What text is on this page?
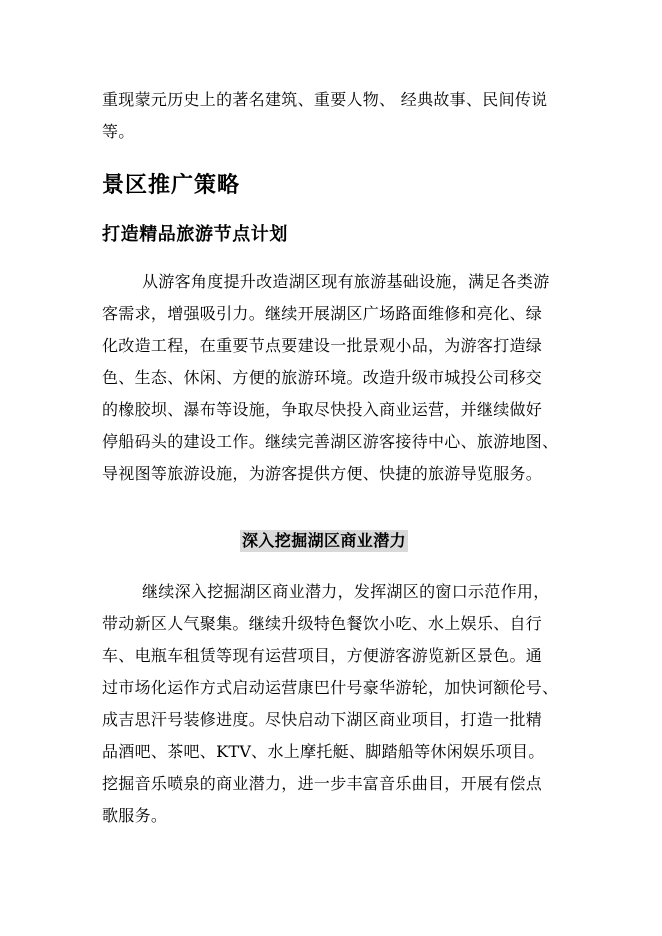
重现蒙元历史上的著名建筑、重要人物、 经典故事、民间传说
等。
景区推广策略
打造精品旅游节点计划
从游客角度提升改造湖区现有旅游基础设施，满足各类游
客需求，增强吸引力。继续开展湖区广场路面维修和亮化、绿
化改造工程，在重要节点要建设一批景观小品，为游客打造绿
色、生态、休闲、方便的旅游环境。改造升级市城投公司移交
的橡胶坝、瀑布等设施，争取尽快投入商业运营，并继续做好
停船码头的建设工作。继续完善湖区游客接待中心、旅游地图、
导视图等旅游设施，为游客提供方便、快捷的旅游导览服务。
深入挖掘湖区商业潜力
继续深入挖掘湖区商业潜力，发挥湖区的窗口示范作用，
带动新区人气聚集。继续升级特色餐饮小吃、水上娱乐、自行
车、电瓶车租赁等现有运营项目，方便游客游览新区景色。通
过市场化运作方式启动运营康巴什号豪华游轮，加快诃额伦号、
成吉思汗号装修进度。尽快启动下湖区商业项目，打造一批精
品酒吧、茶吧、KTV、水上摩托艇、脚踏船等休闲娱乐项目。
挖掘音乐喷泉的商业潜力，进一步丰富音乐曲目，开展有偿点
歌服务。
